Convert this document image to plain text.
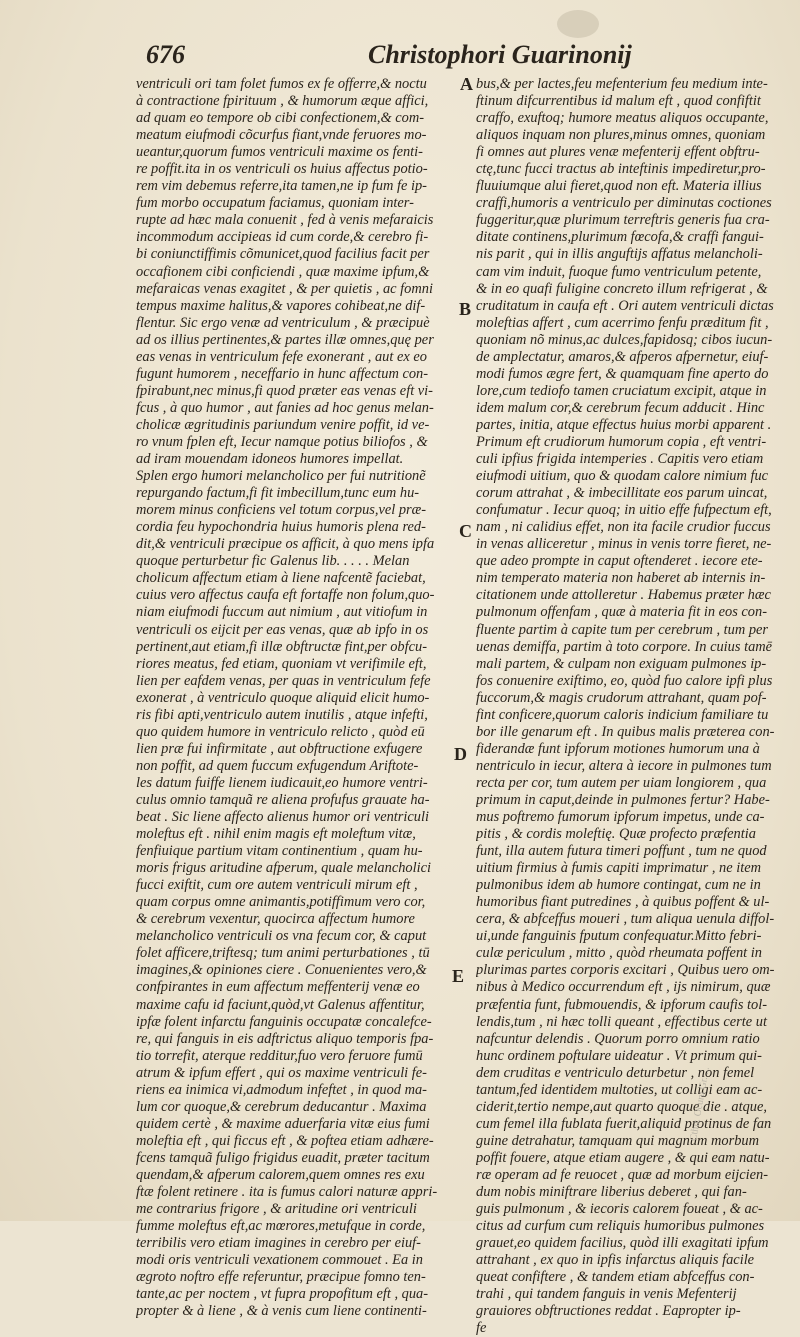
676	Christophori Guarinonij
ventriculi ori tam folet fumos ex fe offerre,& noctu
à contractione fpirituum , & humorum æque affici,
ad quam eo tempore ob cibi confectionem,& com-
meatum eiufmodi cõcurfus fiant,vnde feruores mo-
ueantur,quorum fumos ventriculi maxime os fenti-
re poffit.ita in os ventriculi os huius affectus potio-
rem vim debemus referre,ita tamen,ne ip fum fe ip-
fum morbo occupatum faciamus, quoniam inter-
rupte ad hæc mala conuenit , fed à venis mefaraicis
incommodum accipieas id cum corde,& cerebro fi-
bi coniunctiffimis cõmunicet,quod facilius facit per
occafionem cibi conficiendi , quæ maxime ipfum,&
mefaraicas venas exagitet , & per quietis , ac fomni
tempus maxime halitus,& vapores cohibeat,ne dif-
flentur. Sic ergo venæ ad ventriculum , & præcipuè
ad os illius pertinentes,& partes illæ omnes,quę per
eas venas in ventriculum fefe exonerant , aut ex eo
fugunt humorem , neceffario in hunc affectum con-
fpirabunt,nec minus,fi quod præter eas venas eft vi-
fcus , à quo humor , aut fanies ad hoc genus melan-
cholicæ ægritudinis pariundum venire poffit, id ve-
ro vnum fplen eft, Iecur namque potius biliofos , &
ad iram mouendam idoneos humores impellat.
Splen ergo humori melancholico per fui nutritionẽ
repurgando factum,fi fit imbecillum,tunc eum hu-
morem minus conficiens vel totum corpus,vel præ-
cordia feu hypochondria huius humoris plena red-
dit,& ventriculi præcipue os afficit, à quo mens ipfa
quoque perturbetur fic Galenus lib. . . . . Melan
cholicum affectum etiam à liene nafcentẽ faciebat,
cuius vero affectus caufa eft fortaffe non folum,quo-
niam eiufmodi fuccum aut nimium , aut vitiofum in
ventriculi os eijcit per eas venas, quæ ab ipfo in os
pertinent,aut etiam,fi illæ obftructæ fint,per obfcu-
riores meatus, fed etiam, quoniam vt verifimile eft,
lien per eafdem venas, per quas in ventriculum fefe
exonerat , à ventriculo quoque aliquid elicit humo-
ris fibi apti,ventriculo autem inutilis , atque infefti,
quo quidem humore in ventriculo relicto , quòd eū
lien præ fui infirmitate , aut obftructione exfugere
non poffit, ad quem fuccum exfugendum Ariftote-
les datum fuiffe lienem iudicauit,eo humore ventri-
culus omnio tamquã re aliena profufus grauate ha-
beat . Sic liene affecto alienus humor ori ventriculi
moleftus eft . nihil enim magis eft moleftum vitæ,
fenfiuique partium vitam continentium , quam hu-
moris frigus aritudine afperum, quale melancholici
fucci exiftit, cum ore autem ventriculi mirum eft ,
quam corpus omne animantis,potiffimum vero cor,
& cerebrum vexentur, quocirca affectum humore
melancholico ventriculi os vna fecum cor, & caput
folet afficere,triftesq; tum animi perturbationes , tū
imagines,& opiniones ciere . Conuenientes vero,&
confpirantes in eum affectum meffenterij venæ eo
maxime cafu id faciunt,quòd,vt Galenus affentitur,
ipfæ folent infarctu fanguinis occupatæ concalefce-
re, qui fanguis in eis adftrictus aliquo temporis fpa-
tio torrefit, aterque redditur,fuo vero feruore fumū
atrum & ipfum effert , qui os maxime ventriculi fe-
riens ea inimica vi,admodum infeftet , in quod ma-
lum cor quoque,& cerebrum deducantur . Maxima
quidem certè , & maxime aduerfaria vitæ eius fumi
moleftia eft , qui ficcus eft , & poftea etiam adhære-
fcens tamquã fuligo frigidus euadit, præter tacitum
quendam,& afperum calorem,quem omnes res exu
ftæ folent retinere . ita is fumus calori naturæ appri-
me contrarius frigore , & aritudine ori ventriculi
fumme moleftus eft,ac mœrores,metufque in corde,
terribilis vero etiam imagines in cerebro per eiuf-
modi oris ventriculi vexationem commouet . Ea in
ægroto noftro effe referuntur, præcipue fomno ten-
tante,ac per noctem , vt fupra propofitum eft , qua-
propter & à liene , & à venis cum liene continenti-
bus,& per lactes,feu mefenterium feu medium inte-
ftinum difcurrentibus id malum eft , quod confiftit
craffo, exuftoq; humore meatus aliquos occupante,
aliquos inquam non plures,minus omnes, quoniam
fi omnes aut plures venæ mefenterij effent obftru-
ctę,tunc fucci tractus ab inteftinis impediretur,pro-
fluuiumque alui fieret,quod non eft. Materia illius
craffi,humoris a ventriculo per diminutas coctiones
fuggeritur,quæ plurimum terreftris generis fua cra-
ditate continens,plurimum fœcofa,& craffi fangui-
nis parit , qui in illis anguftijs affatus melancholi-
cam vim induit, fuoque fumo ventriculum petente,
& in eo quafi fuligine concreto illum refrigerat , &
cruditatum in caufa eft . Ori autem ventriculi dictas
moleftias affert , cum acerrimo fenfu præditum fit ,
quoniam nõ minus,ac dulces,fapidosq; cibos iucun-
de amplectatur, amaros,& afperos afpernetur, eiuf-
modi fumos ægre fert, & quamquam fine aperto do
lore,cum tediofo tamen cruciatum excipit, atque in
idem malum cor,& cerebrum fecum adducit . Hinc
partes, initia, atque effectus huius morbi apparent .
Primum eft crudiorum humorum copia , eft ventri-
culi ipfius frigida intemperies . Capitis vero etiam
eiufmodi uitium, quo & quodam calore nimium fuc
corum attrahat , & imbecillitate eos parum uincat,
confumatur . Iecur quoq; in uitio effe fufpectum eft,
nam , ni calidius effet, non ita facile crudior fuccus
in venas alliceretur , minus in venis torre fieret, ne-
que adeo prompte in caput oftenderet . iecore ete-
nim temperato materia non haberet ab internis in-
citationem unde attolleretur . Habemus præter hæc
pulmonum offenfam , quæ à materia fit in eos con-
fluente partim à capite tum per cerebrum , tum per
uenas demiffa, partim à toto corpore. In cuius tamē
mali partem, & culpam non exiguam pulmones ip-
fos conuenire exiftimo, eo, quòd fuo calore ipfi plus
fuccorum,& magis crudorum attrahant, quam pof-
fint conficere,quorum caloris indicium familiare tu
bor ille genarum eft . In quibus malis præterea con-
fiderandæ funt ipforum motiones humorum una à
nentriculo in iecur, altera à iecore in pulmones tum
recta per cor, tum autem per uiam longiorem , qua
primum in caput,deinde in pulmones fertur? Habe-
mus poftremo fumorum ipforum impetus, unde ca-
pitis , & cordis moleftię. Quæ profecto præfentia
funt, illa autem futura timeri poffunt , tum ne quod
uitium firmius à fumis capiti imprimatur , ne item
pulmonibus idem ab humore contingat, cum ne in
humoribus fiant putredines , à quibus poffent & ul-
cera, & abfceffus moueri , tum aliqua uenula diffol-
ui,unde fanguinis fputum confequatur.Mitto febri-
culæ periculum , mitto , quòd rheumata poffent in
plurimas partes corporis excitari , Quibus uero om-
nibus à Medico occurrendum eft , ijs nimirum, quæ
præfentia funt, fubmouendis, & ipforum caufis tol-
lendis,tum , ni hæc tolli queant , effectibus certe ut
nafcuntur delendis . Quorum porro omnium ratio
hunc ordinem poftulare uideatur . Vt primum qui-
dem cruditas e ventriculo deturbetur , non femel
tantum,fed identidem multoties, ut colligi eam ac-
ciderit,tertio nempe,aut quarto quoque die . atque,
cum femel illa fublata fuerit,aliquid protinus de fan
guine detrahatur, tamquam qui magnum morbum
poffit fouere, atque etiam augere , & qui eam natu-
ræ operam ad fe reuocet , quæ ad morbum eijcien-
dum nobis miniftrare liberius deberet , qui fan-
guis pulmonum , & iecoris calorem foueat , & ac-
citus ad curfum cum reliquis humoribus pulmones
grauet,eo quidem facilius, quòd illi exagitati ipfum
attrahant , ex quo in ipfis infarctus aliquis facile
queat confiftere , & tandem etiam abfceffus con-
trahi , qui tandem fanguis in venis Mefenterij
grauiores obftructiones reddat . Eapropter ip-
fe
A
B
C
D
E
Cthir. Ocuru Gr. ...
